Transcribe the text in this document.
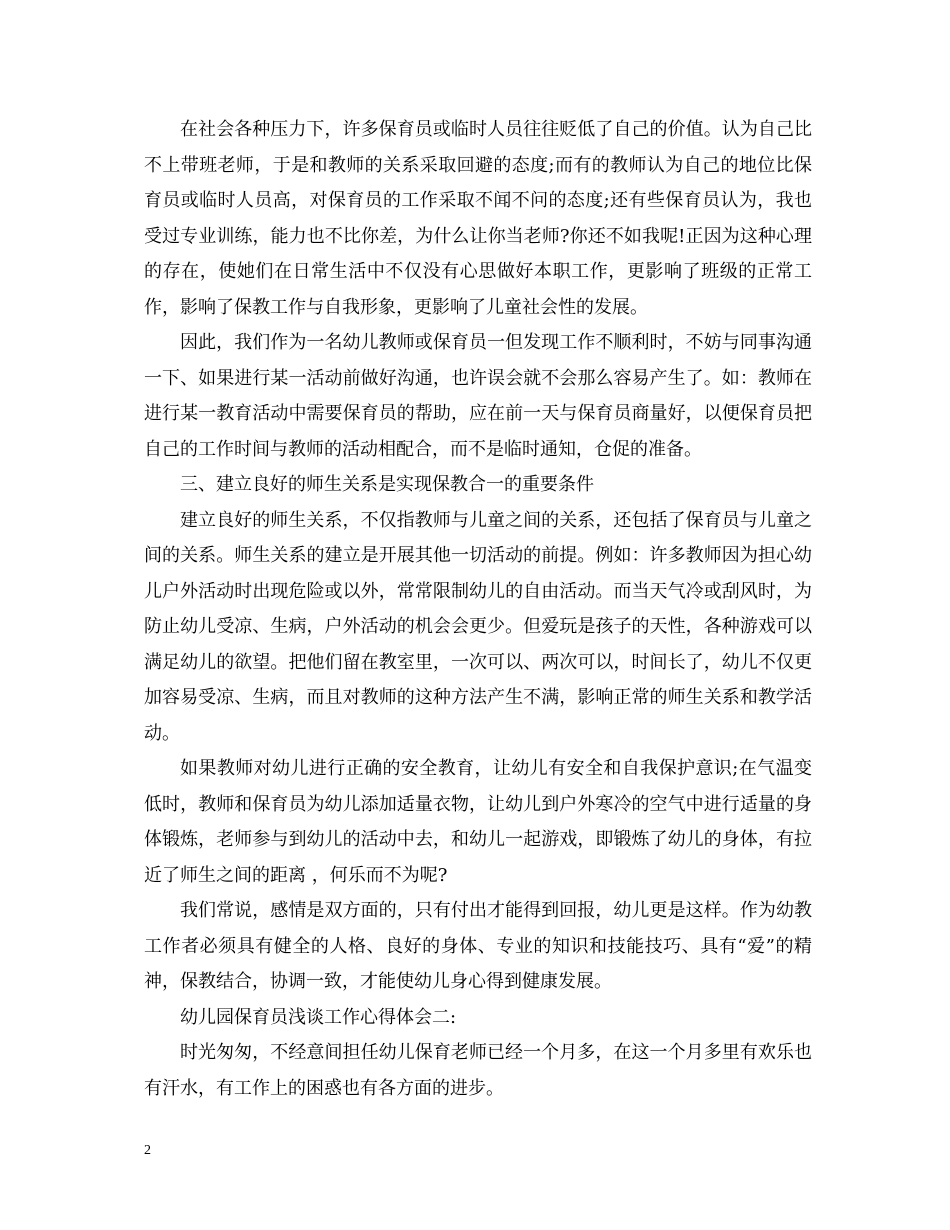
在社会各种压力下，许多保育员或临时人员往往贬低了自己的价值。认为自己比不上带班老师，于是和教师的关系采取回避的态度;而有的教师认为自己的地位比保育员或临时人员高，对保育员的工作采取不闻不问的态度;还有些保育员认为，我也受过专业训练，能力也不比你差，为什么让你当老师?你还不如我呢!正因为这种心理的存在，使她们在日常生活中不仅没有心思做好本职工作，更影响了班级的正常工作，影响了保教工作与自我形象，更影响了儿童社会性的发展。

因此，我们作为一名幼儿教师或保育员一但发现工作不顺利时，不妨与同事沟通一下、如果进行某一活动前做好沟通，也许误会就不会那么容易产生了。如：教师在进行某一教育活动中需要保育员的帮助，应在前一天与保育员商量好，以便保育员把自己的工作时间与教师的活动相配合，而不是临时通知，仓促的准备。

三、建立良好的师生关系是实现保教合一的重要条件

建立良好的师生关系，不仅指教师与儿童之间的关系，还包括了保育员与儿童之间的关系。师生关系的建立是开展其他一切活动的前提。例如：许多教师因为担心幼儿户外活动时出现危险或以外，常常限制幼儿的自由活动。而当天气冷或刮风时，为防止幼儿受凉、生病，户外活动的机会会更少。但爱玩是孩子的天性，各种游戏可以满足幼儿的欲望。把他们留在教室里，一次可以、两次可以，时间长了，幼儿不仅更加容易受凉、生病，而且对教师的这种方法产生不满，影响正常的师生关系和教学活动。

如果教师对幼儿进行正确的安全教育，让幼儿有安全和自我保护意识;在气温变低时，教师和保育员为幼儿添加适量衣物，让幼儿到户外寒冷的空气中进行适量的身体锻炼，老师参与到幼儿的活动中去，和幼儿一起游戏，即锻炼了幼儿的身体，有拉近了师生之间的距离 ，何乐而不为呢?

我们常说，感情是双方面的，只有付出才能得到回报，幼儿更是这样。作为幼教工作者必须具有健全的人格、良好的身体、专业的知识和技能技巧、具有“爱”的精神，保教结合，协调一致，才能使幼儿身心得到健康发展。

幼儿园保育员浅谈工作心得体会二:

时光匆匆，不经意间担任幼儿保育老师已经一个月多，在这一个月多里有欢乐也有汗水，有工作上的困惑也有各方面的进步。

2
